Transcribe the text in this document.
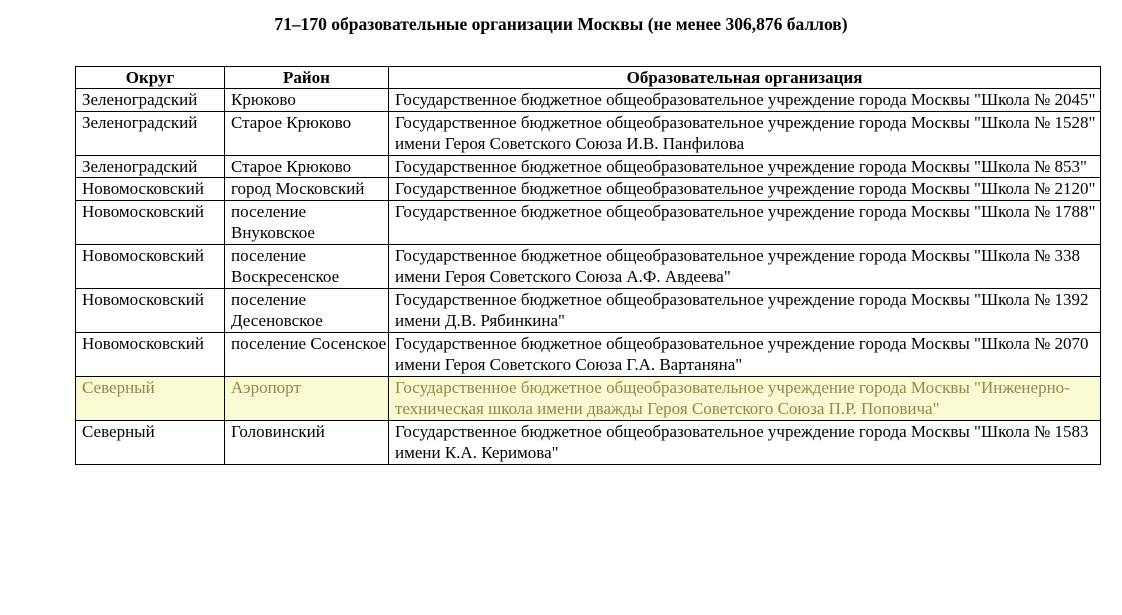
71–170 образовательные организации Москвы (не менее 306,876 баллов)
Округ	Район	Образовательная организация
Зеленоградский	Крюково	Государственное бюджетное общеобразовательное учреждение города Москвы "Школа № 2045"
Зеленоградский	Старое Крюково	Государственное бюджетное общеобразовательное учреждение города Москвы "Школа № 1528" имени Героя Советского Союза И.В. Панфилова
Зеленоградский	Старое Крюково	Государственное бюджетное общеобразовательное учреждение города Москвы "Школа № 853"
Новомосковский	город Московский	Государственное бюджетное общеобразовательное учреждение города Москвы "Школа № 2120"
Новомосковский	поселение Внуковское	Государственное бюджетное общеобразовательное учреждение города Москвы "Школа № 1788"
Новомосковский	поселение Воскресенское	Государственное бюджетное общеобразовательное учреждение города Москвы "Школа № 338 имени Героя Советского Союза А.Ф. Авдеева"
Новомосковский	поселение Десеновское	Государственное бюджетное общеобразовательное учреждение города Москвы "Школа № 1392 имени Д.В. Рябинкина"
Новомосковский	поселение Сосенское	Государственное бюджетное общеобразовательное учреждение города Москвы "Школа № 2070 имени Героя Советского Союза Г.А. Вартаняна"
Северный	Аэропорт	Государственное бюджетное общеобразовательное учреждение города Москвы "Инженерно-техническая школа имени дважды Героя Советского Союза П.Р. Поповича"
Северный	Головинский	Государственное бюджетное общеобразовательное учреждение города Москвы "Школа № 1583 имени К.А. Керимова"
